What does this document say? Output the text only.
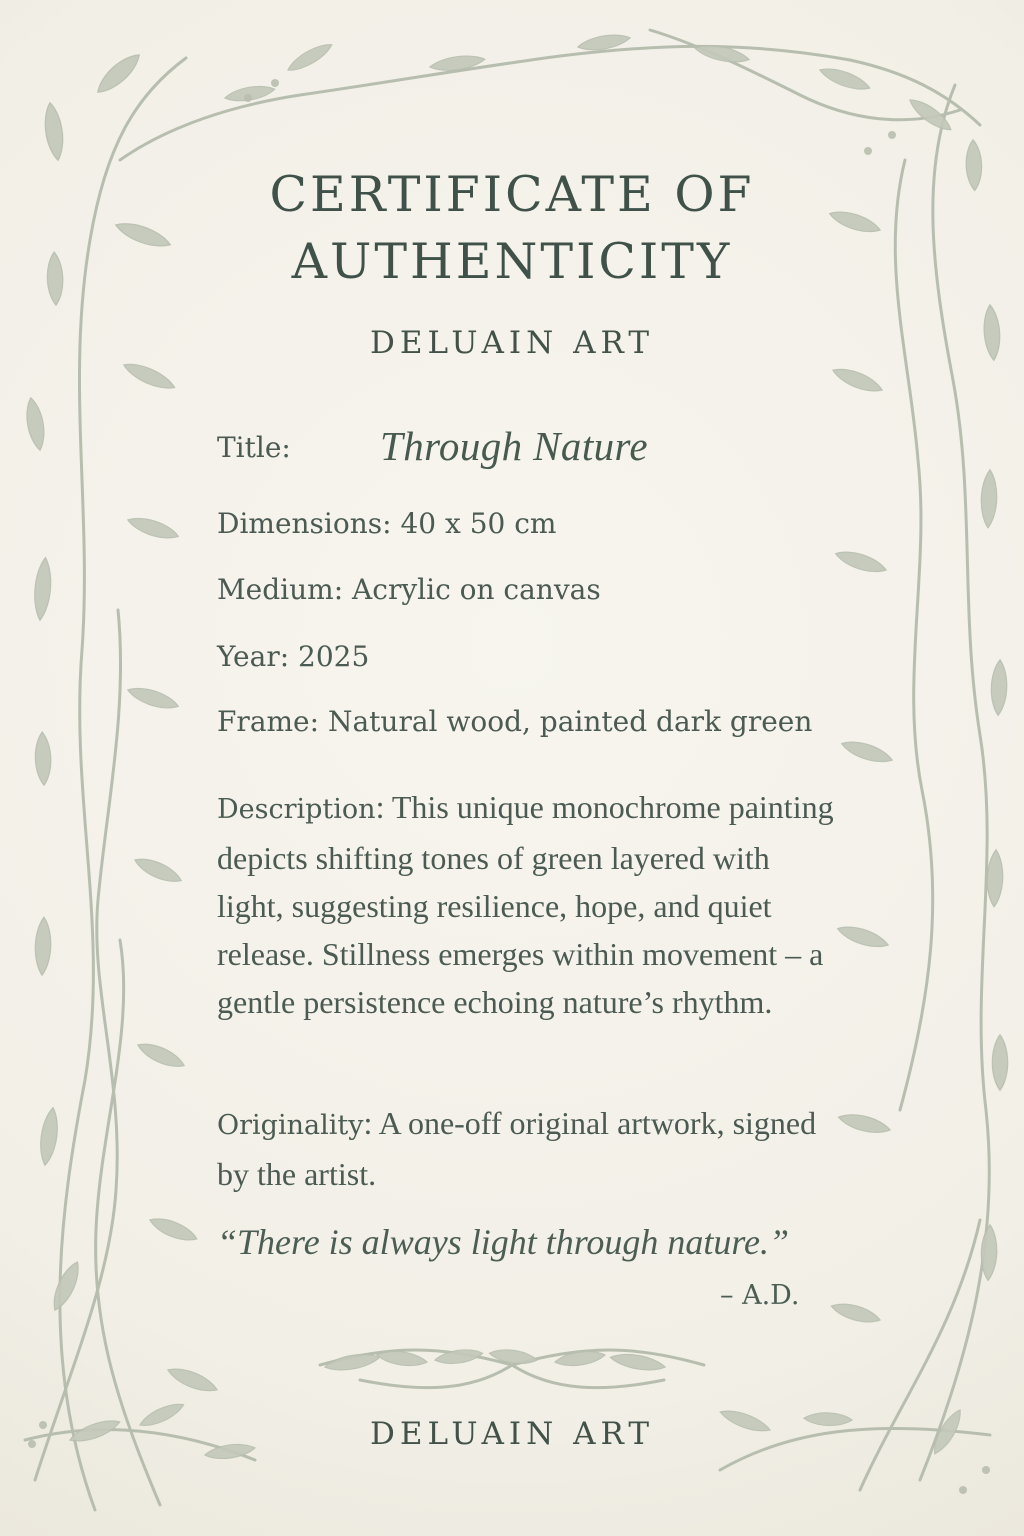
CERTIFICATE OF
AUTHENTICITY
DELUAIN ART
Title: Through Nature
Dimensions: 40 x 50 cm
Medium: Acrylic on canvas
Year: 2025
Frame: Natural wood, painted dark green
Description: This unique monochrome painting depicts shifting tones of green layered with light, suggesting resilience, hope, and quiet release. Stillness emerges within movement – a gentle persistence echoing nature’s rhythm.
Originality: A one-off original artwork, signed by the artist.
“There is always light through nature.”
– A.D.
DELUAIN ART
